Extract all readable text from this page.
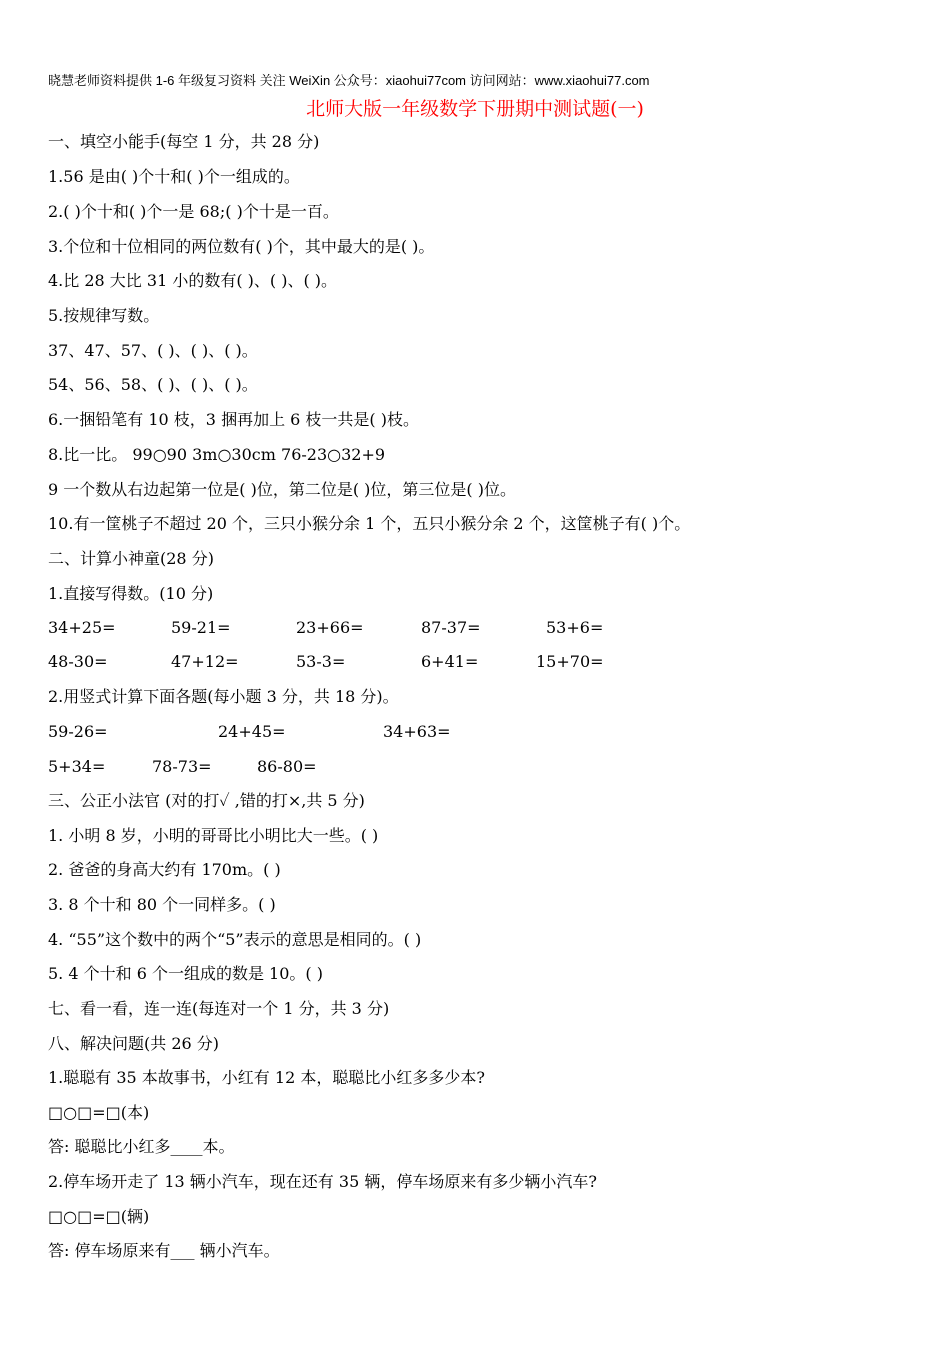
晓慧老师资料提供 1-6 年级复习资料 关注 WeiXin 公众号：xiaohui77com 访问网站：www.xiaohui77.com
北师大版一年级数学下册期中测试题(一)
一、填空小能手(每空 1 分，共 28 分)
1.56 是由( )个十和( )个一组成的。
2.( )个十和( )个一是 68;( )个十是一百。
3.个位和十位相同的两位数有( )个，其中最大的是( )。
4.比 28 大比 31 小的数有( )、( )、( )。
5.按规律写数。
37、47、57、( )、( )、( )。
54、56、58、( )、( )、( )。
6.一捆铅笔有 10 枝，3 捆再加上 6 枝一共是( )枝。
8.比一比。 99○90 3m○30cm 76-23○32+9
9 一个数从右边起第一位是( )位，第二位是( )位，第三位是( )位。
10.有一筐桃子不超过 20 个，三只小猴分余 1 个，五只小猴分余 2 个，这筐桃子有( )个。
二、计算小神童(28 分)
1.直接写得数。(10 分)
34+25=	59-21=	23+66=	87-37=	53+6=
48-30=	47+12=	53-3=	6+41=	15+70=
2.用竖式计算下面各题(每小题 3 分，共 18 分)。
59-26=	24+45=	34+63=
5+34=	78-73=	86-80=
三、公正小法官 (对的打✓ ,错的打×,共 5 分)
1. 小明 8 岁，小明的哥哥比小明比大一些。( )
2. 爸爸的身高大约有 170m。( )
3. 8 个十和 80 个一同样多。( )
4. “55”这个数中的两个“5”表示的意思是相同的。( )
5. 4 个十和 6 个一组成的数是 10。( )
七、看一看，连一连(每连对一个 1 分，共 3 分)
八、解决问题(共 26 分)
1.聪聪有 35 本故事书，小红有 12 本，聪聪比小红多多少本?
□○□=□(本)
答: 聪聪比小红多____本。
2.停车场开走了 13 辆小汽车，现在还有 35 辆，停车场原来有多少辆小汽车?
□○□=□(辆)
答: 停车场原来有___ 辆小汽车。
